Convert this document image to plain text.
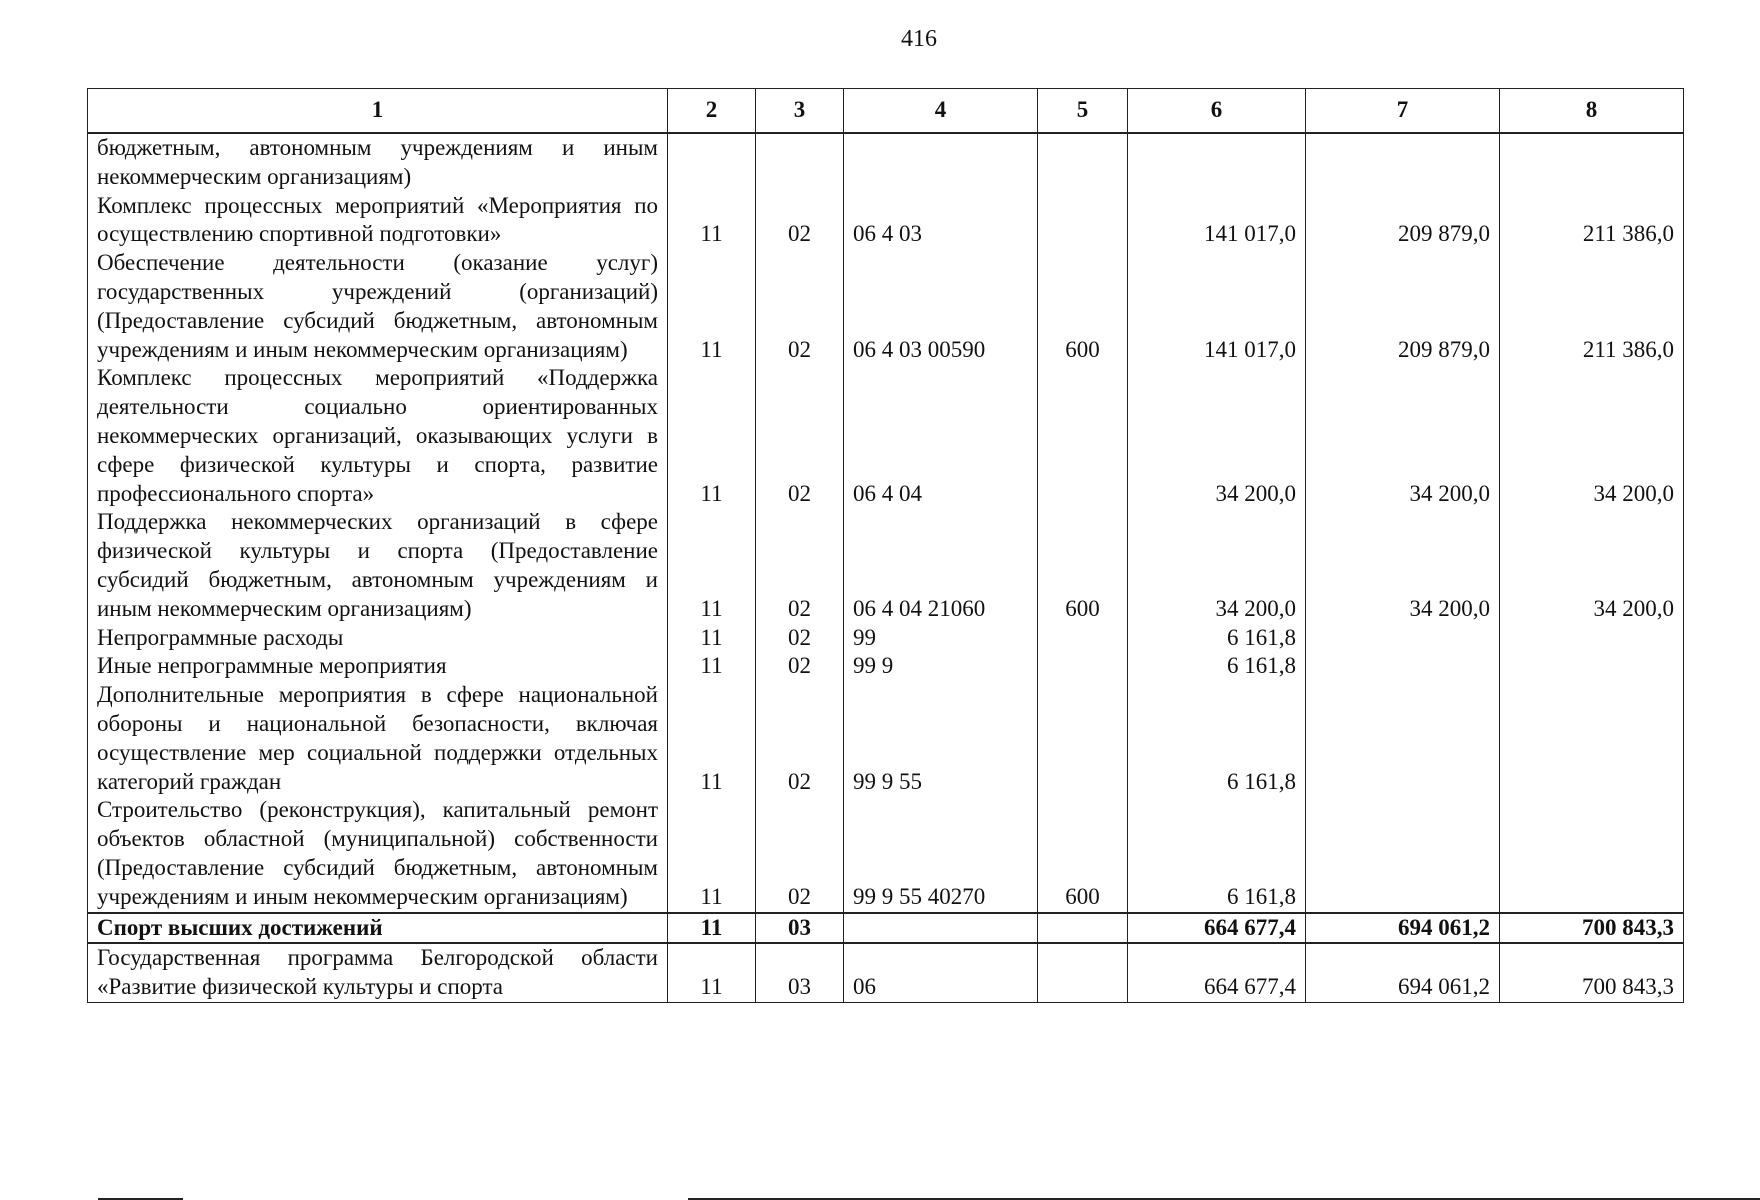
416
1	2	3	4	5	6	7	8
бюджетным, автономным учреждениям и иным некоммерческим организациям)							
Комплекс процессных мероприятий «Мероприятия по осуществлению спортивной подготовки»	11	02	06 4 03		141 017,0	209 879,0	211 386,0
Обеспечение деятельности (оказание услуг) государственных учреждений (организаций) (Предоставление субсидий бюджетным, автономным учреждениям и иным некоммерческим организациям)	11	02	06 4 03 00590	600	141 017,0	209 879,0	211 386,0
Комплекс процессных мероприятий «Поддержка деятельности социально ориентированных некоммерческих организаций, оказывающих услуги в сфере физической культуры и спорта, развитие профессионального спорта»	11	02	06 4 04		34 200,0	34 200,0	34 200,0
Поддержка некоммерческих организаций в сфере физической культуры и спорта (Предоставление субсидий бюджетным, автономным учреждениям и иным некоммерческим организациям)	11	02	06 4 04 21060	600	34 200,0	34 200,0	34 200,0
Непрограммные расходы	11	02	99		6 161,8		
Иные непрограммные мероприятия	11	02	99 9		6 161,8		
Дополнительные мероприятия в сфере национальной обороны и национальной безопасности, включая осуществление мер социальной поддержки отдельных категорий граждан	11	02	99 9 55		6 161,8		
Строительство (реконструкция), капитальный ремонт объектов областной (муниципальной) собственности (Предоставление субсидий бюджетным, автономным учреждениям и иным некоммерческим организациям)	11	02	99 9 55 40270	600	6 161,8		
Спорт высших достижений	11	03			664 677,4	694 061,2	700 843,3
Государственная программа Белгородской области «Развитие физической культуры и спорта	11	03	06		664 677,4	694 061,2	700 843,3
